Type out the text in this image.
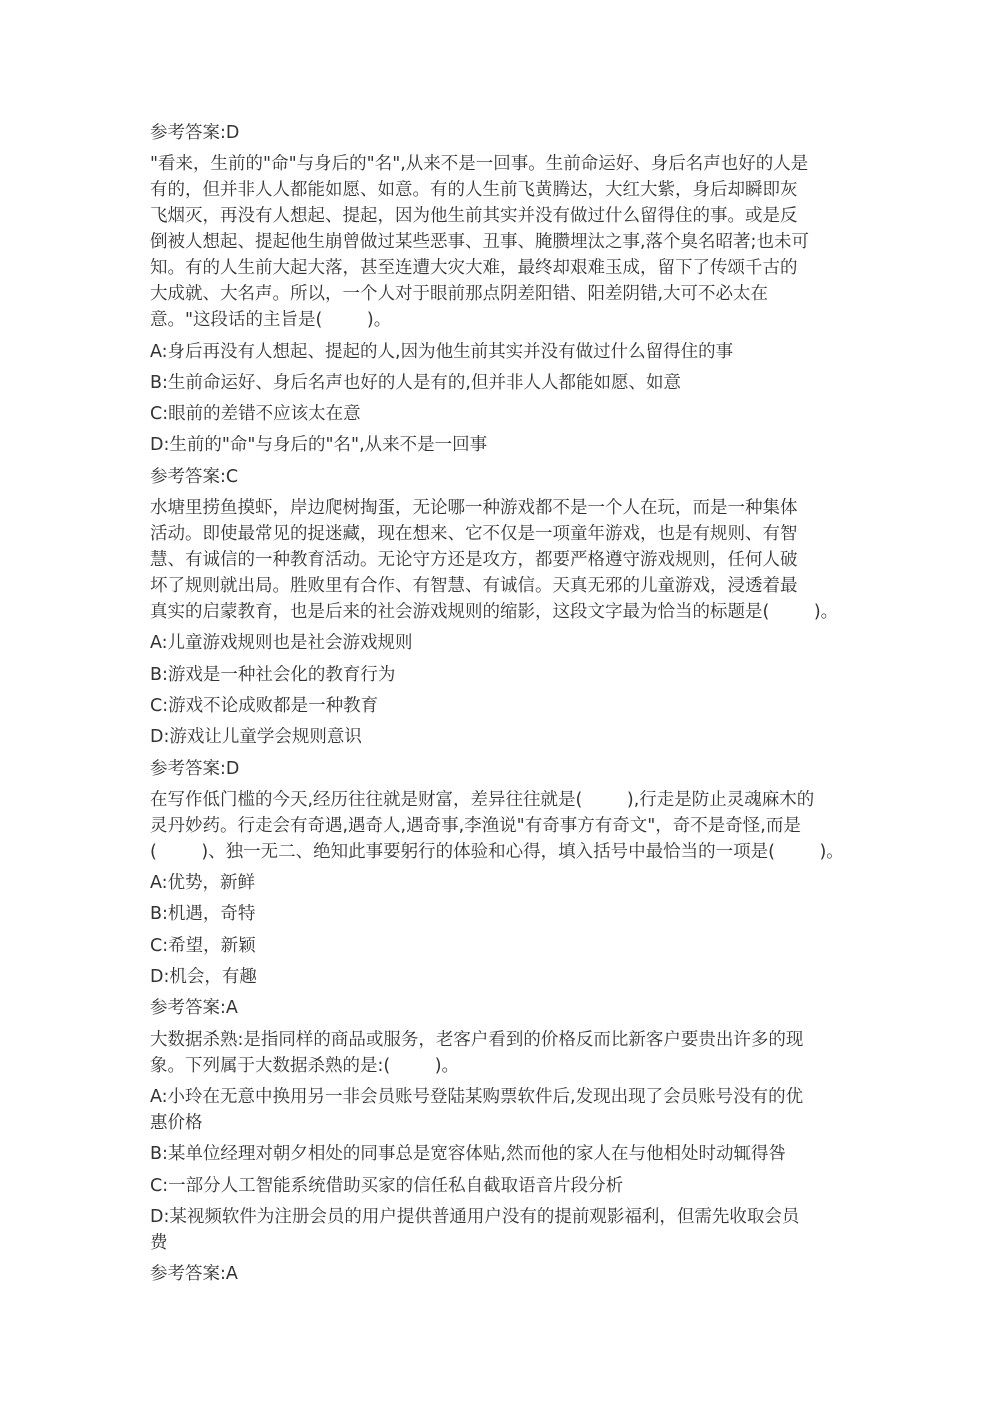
参考答案:D
"看来，生前的"命"与身后的"名",从来不是一回事。生前命运好、身后名声也好的人是
有的，但并非人人都能如愿、如意。有的人生前飞黄腾达，大红大紫，身后却瞬即灰
飞烟灭，再没有人想起、提起，因为他生前其实并没有做过什么留得住的事。或是反
倒被人想起、提起他生崩曾做过某些恶事、丑事、腌臜埋汰之事,落个臭名昭著;也未可
知。有的人生前大起大落，甚至连遭大灾大难，最终却艰难玉成，留下了传颂千古的
大成就、大名声。所以，一个人对于眼前那点阴差阳错、阳差阴错,大可不必太在
意。"这段话的主旨是(        )。
A:身后再没有人想起、提起的人,因为他生前其实并没有做过什么留得住的事
B:生前命运好、身后名声也好的人是有的,但并非人人都能如愿、如意
C:眼前的差错不应该太在意
D:生前的"命"与身后的"名",从来不是一回事
参考答案:C
水塘里捞鱼摸虾，岸边爬树掏蛋，无论哪一种游戏都不是一个人在玩，而是一种集体
活动。即使最常见的捉迷藏，现在想来、它不仅是一项童年游戏，也是有规则、有智
慧、有诚信的一种教育活动。无论守方还是攻方，都要严格遵守游戏规则，任何人破
坏了规则就出局。胜败里有合作、有智慧、有诚信。天真无邪的儿童游戏，浸透着最
真实的启蒙教育，也是后来的社会游戏规则的缩影，这段文字最为恰当的标题是(        )。
A:儿童游戏规则也是社会游戏规则
B:游戏是一种社会化的教育行为
C:游戏不论成败都是一种教育
D:游戏让儿童学会规则意识
参考答案:D
在写作低门槛的今天,经历往往就是财富，差异往往就是(        ),行走是防止灵魂麻木的
灵丹妙药。行走会有奇遇,遇奇人,遇奇事,李渔说"有奇事方有奇文"，奇不是奇怪,而是
(        )、独一无二、绝知此事要躬行的体验和心得，填入括号中最恰当的一项是(        )。
A:优势，新鲜
B:机遇，奇特
C:希望，新颖
D:机会，有趣
参考答案:A
大数据杀熟:是指同样的商品或服务，老客户看到的价格反而比新客户要贵出许多的现
象。下列属于大数据杀熟的是:(        )。
A:小玲在无意中换用另一非会员账号登陆某购票软件后,发现出现了会员账号没有的优
惠价格
B:某单位经理对朝夕相处的同事总是宽容体贴,然而他的家人在与他相处时动辄得咎
C:一部分人工智能系统借助买家的信任私自截取语音片段分析
D:某视频软件为注册会员的用户提供普通用户没有的提前观影福利，但需先收取会员
费
参考答案:A
